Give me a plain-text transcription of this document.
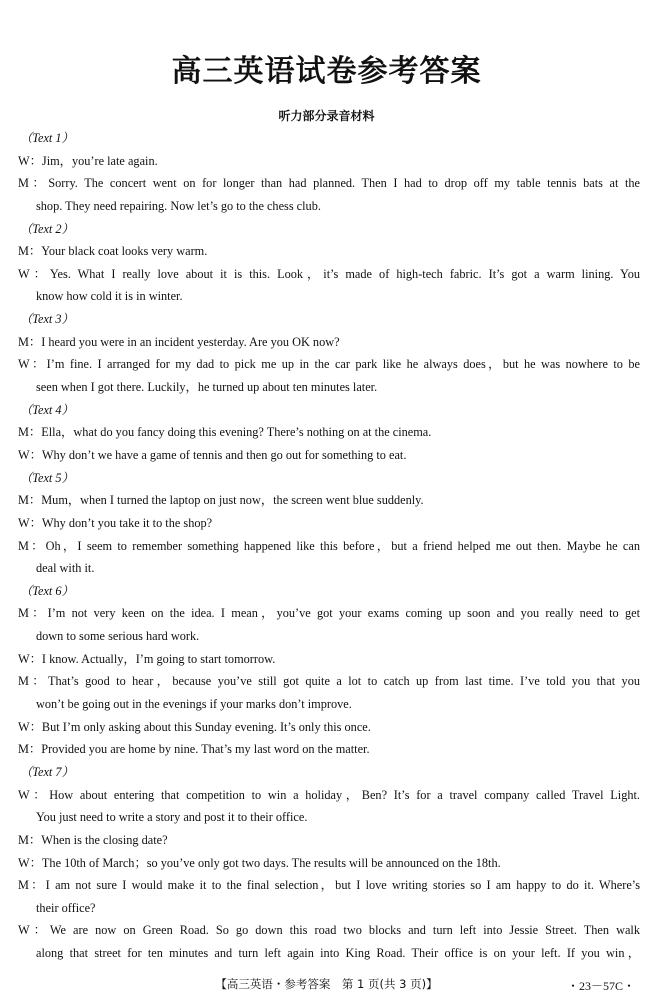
高三英语试卷参考答案
听力部分录音材料
（Text 1）
W：Jim，you’re late again.
M：Sorry. The concert went on for longer than had planned. Then I had to drop off my table tennis bats at the
shop. They need repairing. Now let’s go to the chess club.
（Text 2）
M：Your black coat looks very warm.
W：Yes. What I really love about it is this. Look，it’s made of high-tech fabric. It’s got a warm lining. You
know how cold it is in winter.
（Text 3）
M：I heard you were in an incident yesterday. Are you OK now?
W：I’m fine. I arranged for my dad to pick me up in the car park like he always does，but he was nowhere to be
seen when I got there. Luckily，he turned up about ten minutes later.
（Text 4）
M：Ella，what do you fancy doing this evening? There’s nothing on at the cinema.
W：Why don’t we have a game of tennis and then go out for something to eat.
（Text 5）
M：Mum，when I turned the laptop on just now，the screen went blue suddenly.
W：Why don’t you take it to the shop?
M：Oh，I seem to remember something happened like this before，but a friend helped me out then. Maybe he can
deal with it.
（Text 6）
M：I’m not very keen on the idea. I mean，you’ve got your exams coming up soon and you really need to get
down to some serious hard work.
W：I know. Actually，I’m going to start tomorrow.
M：That’s good to hear，because you’ve still got quite a lot to catch up from last time. I’ve told you that you
won’t be going out in the evenings if your marks don’t improve.
W：But I’m only asking about this Sunday evening. It’s only this once.
M：Provided you are home by nine. That’s my last word on the matter.
（Text 7）
W：How about entering that competition to win a holiday，Ben? It’s for a travel company called Travel Light.
You just need to write a story and post it to their office.
M：When is the closing date?
W：The 10th of March；so you’ve only got two days. The results will be announced on the 18th.
M：I am not sure I would make it to the final selection，but I love writing stories so I am happy to do it. Where’s
their office?
W：We are now on Green Road. So go down this road two blocks and turn left into Jessie Street. Then walk
along that street for ten minutes and turn left again into King Road. Their office is on your left. If you win，
【高三英语・参考答案　第 1 页(共 3 页)】	・23－57C・
